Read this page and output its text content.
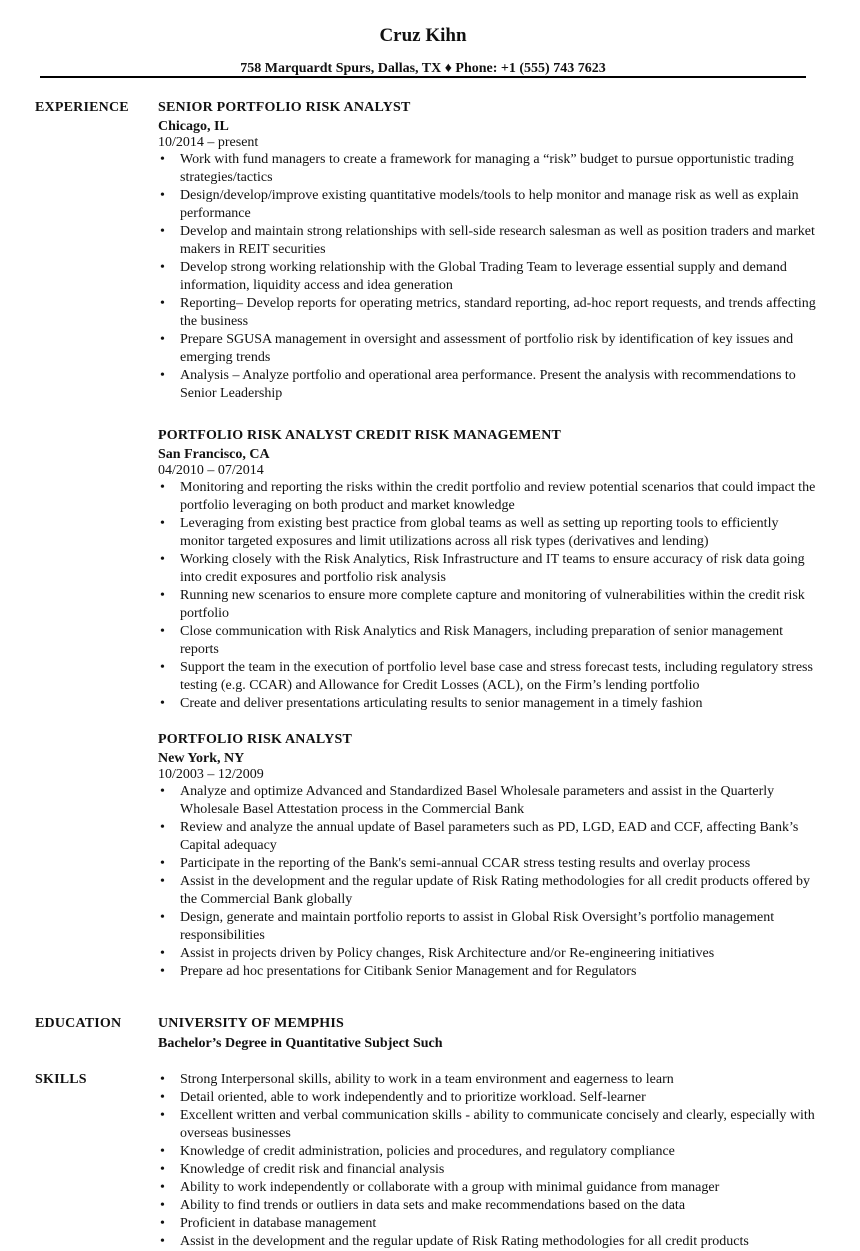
Cruz Kihn
758 Marquardt Spurs, Dallas, TX ♦ Phone: +1 (555) 743 7623
EXPERIENCE	SENIOR PORTFOLIO RISK ANALYST
Chicago, IL
10/2014 – present
• Work with fund managers to create a framework for managing a “risk” budget to pursue opportunistic trading strategies/tactics
• Design/develop/improve existing quantitative models/tools to help monitor and manage risk as well as explain performance
• Develop and maintain strong relationships with sell-side research salesman as well as position traders and market makers in REIT securities
• Develop strong working relationship with the Global Trading Team to leverage essential supply and demand information, liquidity access and idea generation
• Reporting– Develop reports for operating metrics, standard reporting, ad-hoc report requests, and trends affecting the business
• Prepare SGUSA management in oversight and assessment of portfolio risk by identification of key issues and emerging trends
• Analysis – Analyze portfolio and operational area performance. Present the analysis with recommendations to Senior Leadership
PORTFOLIO RISK ANALYST CREDIT RISK MANAGEMENT
San Francisco, CA
04/2010 – 07/2014
• Monitoring and reporting the risks within the credit portfolio and review potential scenarios that could impact the portfolio leveraging on both product and market knowledge
• Leveraging from existing best practice from global teams as well as setting up reporting tools to efficiently monitor targeted exposures and limit utilizations across all risk types (derivatives and lending)
• Working closely with the Risk Analytics, Risk Infrastructure and IT teams to ensure accuracy of risk data going into credit exposures and portfolio risk analysis
• Running new scenarios to ensure more complete capture and monitoring of vulnerabilities within the credit risk portfolio
• Close communication with Risk Analytics and Risk Managers, including preparation of senior management reports
• Support the team in the execution of portfolio level base case and stress forecast tests, including regulatory stress testing (e.g. CCAR) and Allowance for Credit Losses (ACL), on the Firm’s lending portfolio
• Create and deliver presentations articulating results to senior management in a timely fashion
PORTFOLIO RISK ANALYST
New York, NY
10/2003 – 12/2009
• Analyze and optimize Advanced and Standardized Basel Wholesale parameters and assist in the Quarterly Wholesale Basel Attestation process in the Commercial Bank
• Review and analyze the annual update of Basel parameters such as PD, LGD, EAD and CCF, affecting Bank’s Capital adequacy
• Participate in the reporting of the Bank's semi-annual CCAR stress testing results and overlay process
• Assist in the development and the regular update of Risk Rating methodologies for all credit products offered by the Commercial Bank globally
• Design, generate and maintain portfolio reports to assist in Global Risk Oversight’s portfolio management responsibilities
• Assist in projects driven by Policy changes, Risk Architecture and/or Re-engineering initiatives
• Prepare ad hoc presentations for Citibank Senior Management and for Regulators
EDUCATION	UNIVERSITY OF MEMPHIS
Bachelor’s Degree in Quantitative Subject Such
SKILLS	• Strong Interpersonal skills, ability to work in a team environment and eagerness to learn
• Detail oriented, able to work independently and to prioritize workload. Self-learner
• Excellent written and verbal communication skills - ability to communicate concisely and clearly, especially with overseas businesses
• Knowledge of credit administration, policies and procedures, and regulatory compliance
• Knowledge of credit risk and financial analysis
• Ability to work independently or collaborate with a group with minimal guidance from manager
• Ability to find trends or outliers in data sets and make recommendations based on the data
• Proficient in database management
• Assist in the development and the regular update of Risk Rating methodologies for all credit products
